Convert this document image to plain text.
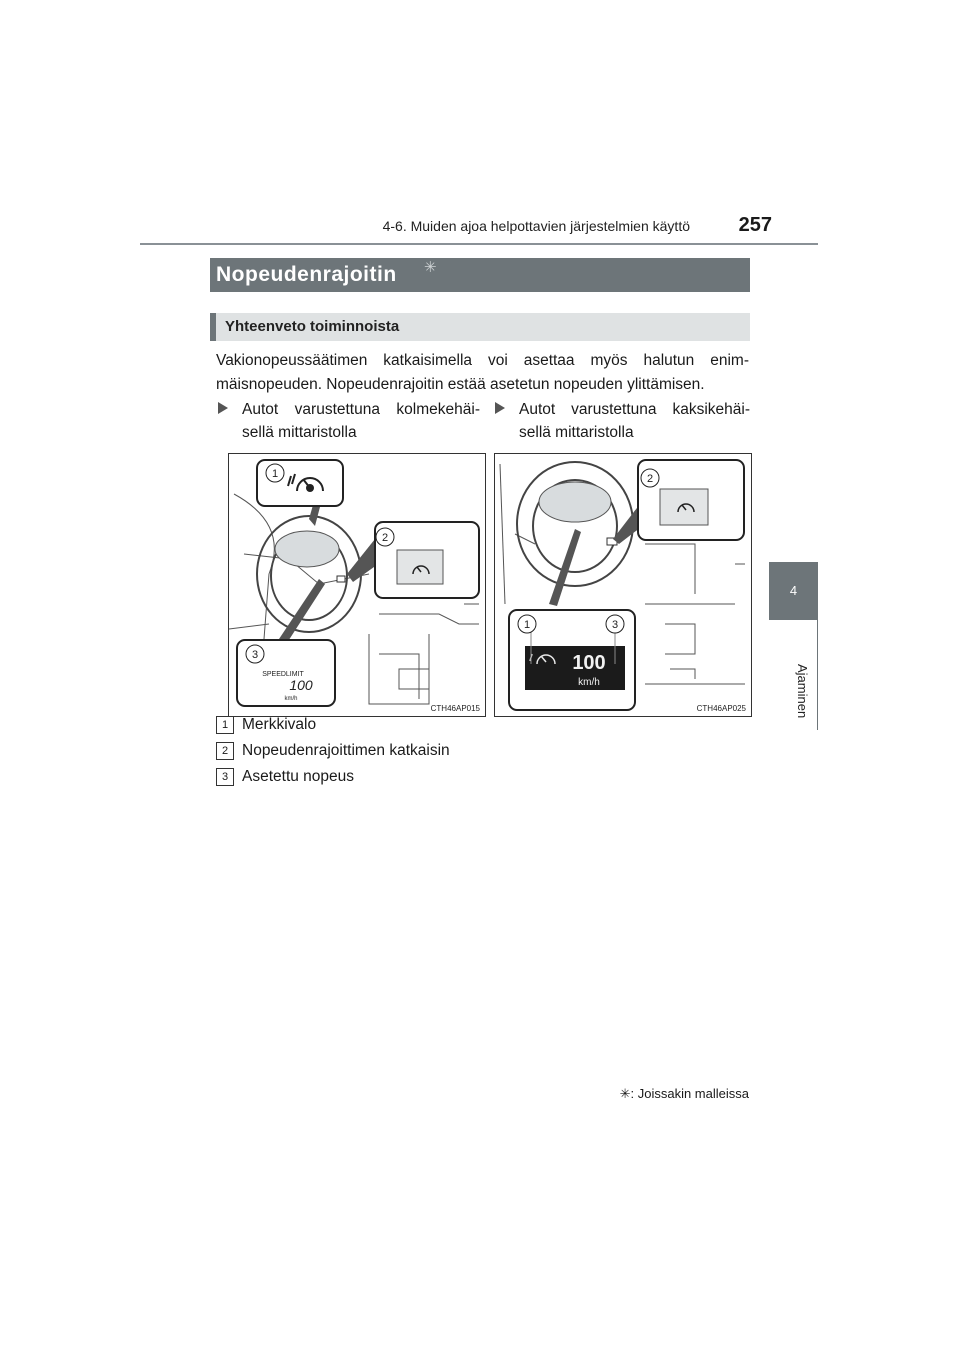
4-6. Muiden ajoa helpottavien järjestelmien käyttö	257
4
Ajaminen
Nopeudenrajoitin ✳
Yhteenveto toiminnoista
Vakionopeussäätimen katkaisimella voi asettaa myös halutun enim-mäisnopeuden. Nopeudenrajoitin estää asetetun nopeuden ylittämisen.
Autot varustettuna kolmekehäi-sellä mittaristolla
Autot varustettuna kaksikehäi-sellä mittaristolla
1
2
3
SPEEDLIMIT
100
km/h
CTH46AP015
2
1	3
100
km/h
CTH46AP025
1 Merkkivalo
2 Nopeudenrajoittimen katkaisin
3 Asetettu nopeus
✳: Joissakin malleissa
